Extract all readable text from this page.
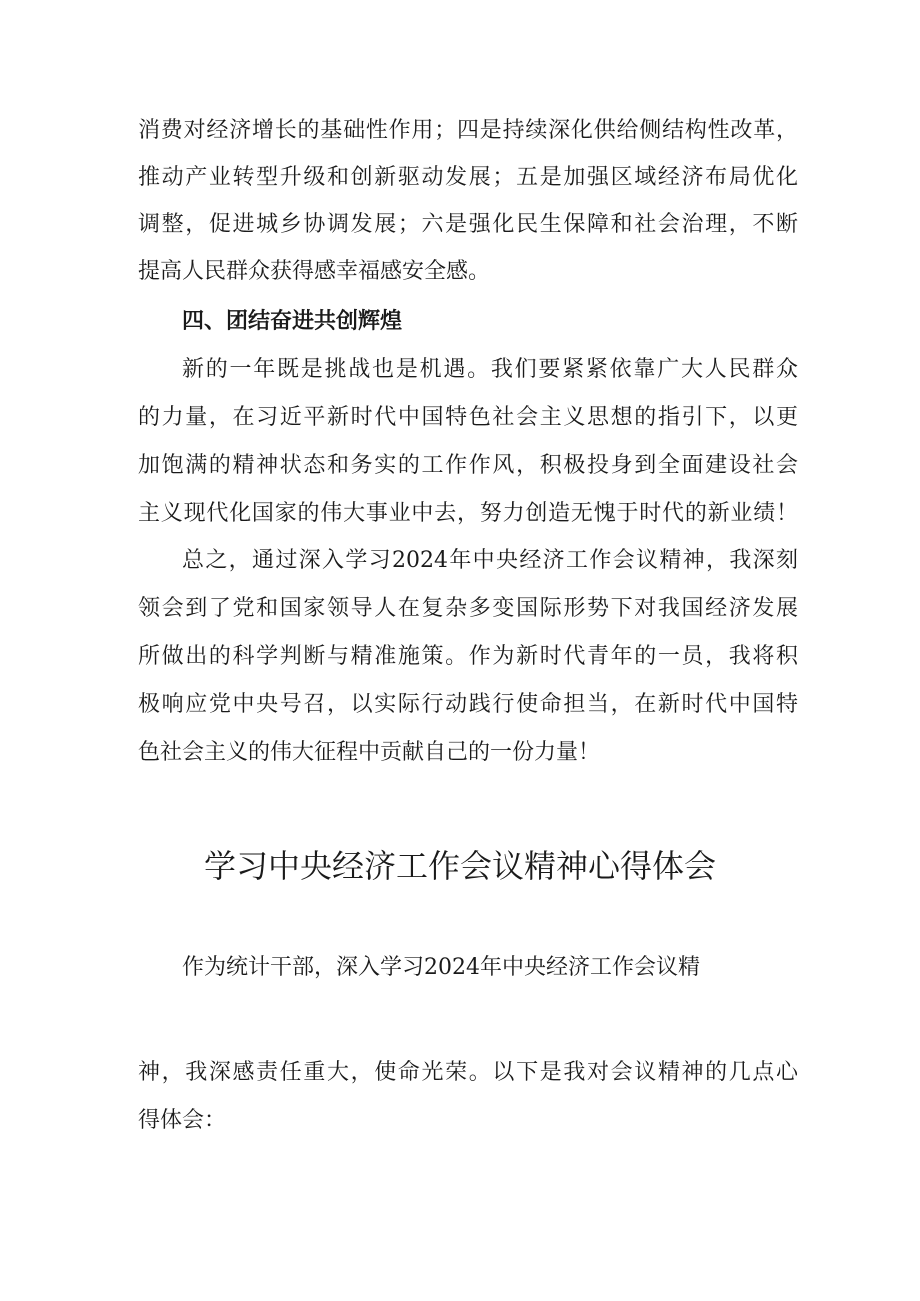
消费对经济增长的基础性作用；四是持续深化供给侧结构性改革，
推动产业转型升级和创新驱动发展；五是加强区域经济布局优化
调整，促进城乡协调发展；六是强化民生保障和社会治理，不断
提高人民群众获得感幸福感安全感。
四、团结奋进共创辉煌
新的一年既是挑战也是机遇。我们要紧紧依靠广大人民群众
的力量，在习近平新时代中国特色社会主义思想的指引下，以更
加饱满的精神状态和务实的工作作风，积极投身到全面建设社会
主义现代化国家的伟大事业中去，努力创造无愧于时代的新业绩！
总之，通过深入学习2024年中央经济工作会议精神，我深刻
领会到了党和国家领导人在复杂多变国际形势下对我国经济发展
所做出的科学判断与精准施策。作为新时代青年的一员，我将积
极响应党中央号召，以实际行动践行使命担当，在新时代中国特
色社会主义的伟大征程中贡献自己的一份力量！
学习中央经济工作会议精神心得体会
作为统计干部，深入学习2024年中央经济工作会议精
神，我深感责任重大，使命光荣。以下是我对会议精神的几点心
得体会：
